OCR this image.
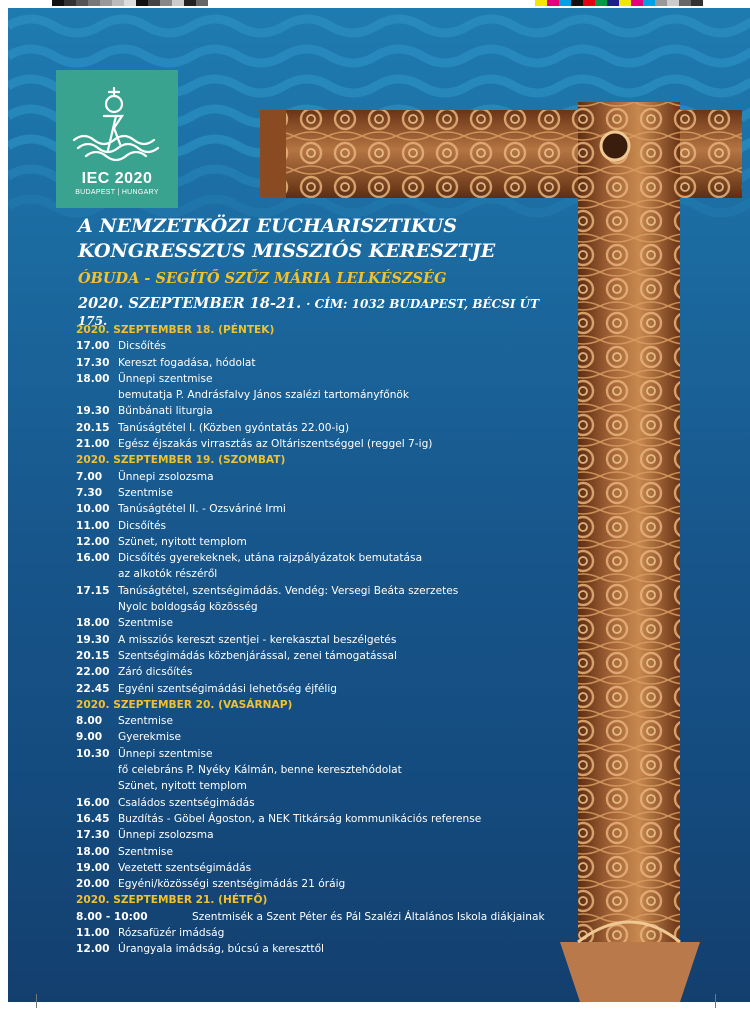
IEC 2020
BUDAPEST | HUNGARY
A NEMZETKÖZI EUCHARISZTIKUS
KONGRESSZUS MISSZIÓS KERESZTJE
ÓBUDA - SEGÍTŐ SZŰZ MÁRIA LELKÉSZSÉG
2020. SZEPTEMBER 18-21. · CÍM: 1032 BUDAPEST, BÉCSI ÚT 175.
2020. SZEPTEMBER 18. (PÉNTEK)
17.00 Dicsőítés
17.30 Kereszt fogadása, hódolat
18.00 Ünnepi szentmise
bemutatja P. Andrásfalvy János szalézi tartományfőnök
19.30 Bűnbánati liturgia
20.15 Tanúságtétel I. (Közben gyóntatás 22.00-ig)
21.00 Egész éjszakás virrasztás az Oltáriszentséggel (reggel 7-ig)
2020. SZEPTEMBER 19. (SZOMBAT)
7.00	Ünnepi zsolozsma
7.30	Szentmise
10.00 Tanúságtétel II. - Ozsváriné Irmi
11.00 Dicsőítés
12.00 Szünet, nyitott templom
16.00 Dicsőítés gyerekeknek, utána rajzpályázatok bemutatása
az alkotók részéről
17.15 Tanúságtétel, szentségimádás. Vendég: Versegi Beáta szerzetes
Nyolc boldogság közösség
18.00 Szentmise
19.30 A missziós kereszt szentjei - kerekasztal beszélgetés
20.15 Szentségimádás közbenjárással, zenei támogatással
22.00 Záró dicsőítés
22.45 Egyéni szentségimádási lehetőség éjfélig
2020. SZEPTEMBER 20. (VASÁRNAP)
8.00	Szentmise
9.00	Gyerekmise
10.30 Ünnepi szentmise
fő celebráns P. Nyéky Kálmán, benne keresztehódolat
Szünet, nyitott templom
16.00 Családos szentségimádás
16.45 Buzdítás - Göbel Ágoston, a NEK Titkárság kommunikációs referense
17.30 Ünnepi zsolozsma
18.00 Szentmise
19.00 Vezetett szentségimádás
20.00 Egyéni/közösségi szentségimádás 21 óráig
2020. SZEPTEMBER 21. (HÉTFŐ)
8.00 - 10:00	Szentmisék a Szent Péter és Pál Szalézi Általános Iskola diákjainak
11.00 Rózsafüzér imádság
12.00 Úrangyala imádság, búcsú a kereszttől
